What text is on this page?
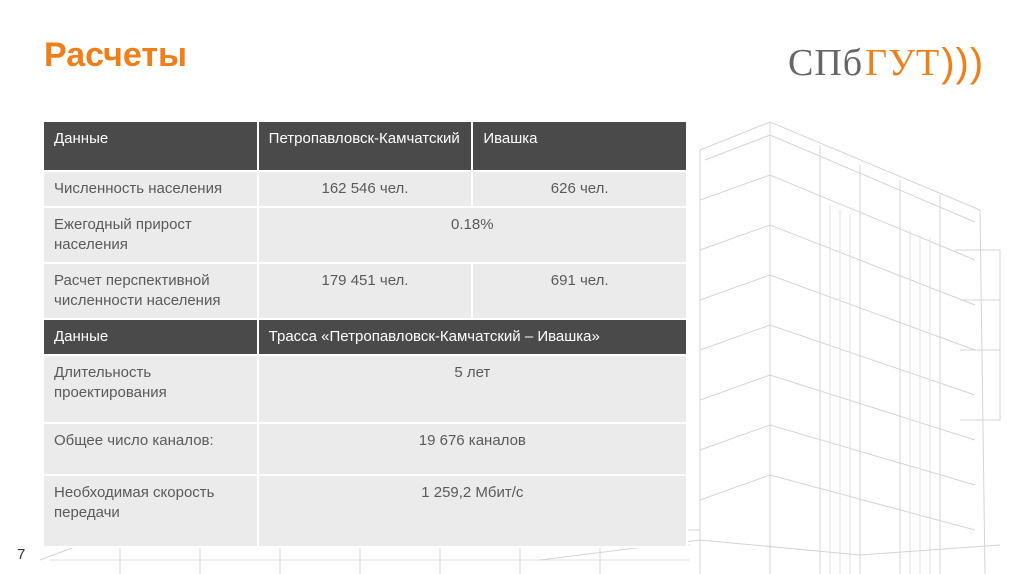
Расчеты	СПб ГУТ )))
Данные	Петропавловск-Камчатский	Ивашка
Численность населения	162 546 чел.	626 чел.
Ежегодный прирост населения	0.18%	
Расчет перспективной численности населения	179 451 чел.	691 чел.
Данные	Трасса «Петропавловск-Камчатский – Ивашка»	
Длительность проектирования	5 лет	
Общее число каналов:	19 676 каналов	
Необходимая скорость передачи	1 259,2 Мбит/с	
7
